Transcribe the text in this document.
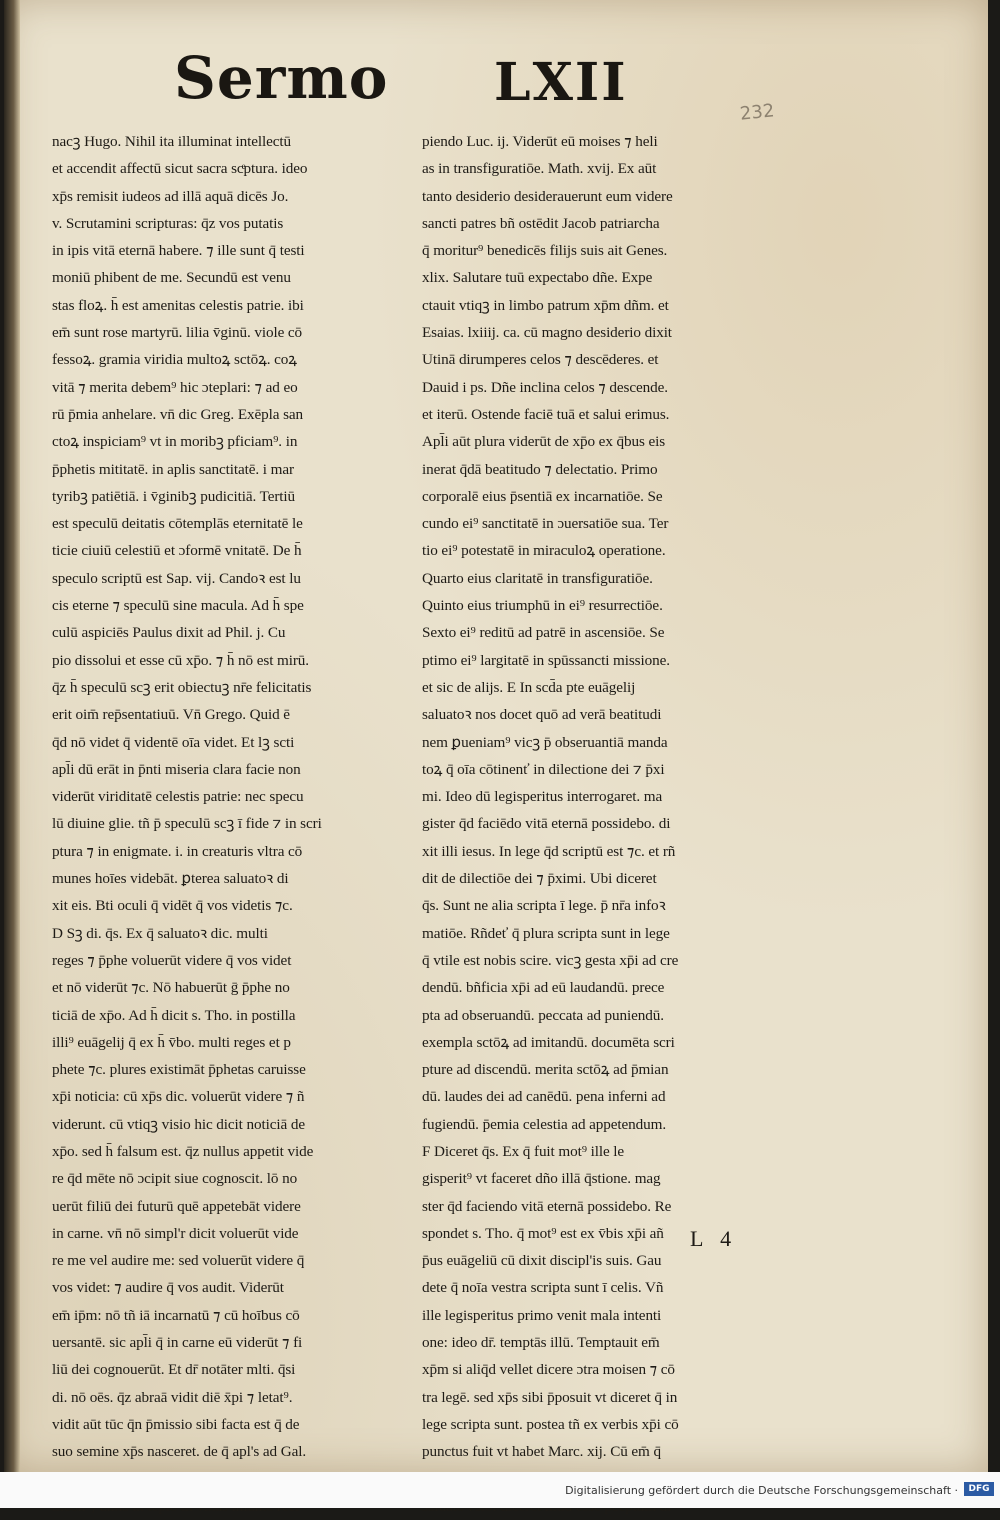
Sermo LXII	232
nacꝫ Hugo. Nihil ita illuminat intellectū
et accendit affectū sicut sacra scͤptura. ideo
xp̄s remisit iudeos ad illā aquā dicēs Jo.
v. Scrutamini scripturas: q̄z vos putatis
in ipis vitā eternā habere. ⁊ ille sunt q̄ testi
moniū phibent de me. Secundū est venu
stas floꝝ. h̄ est amenitas celestis patrie. ibi
em̄ sunt rose martyrū. lilia v̄ginū. viole cō
fessoꝝ. gramia viridia multoꝝ sctōꝝ. coꝝ
vitā ⁊ merita debem⁹ hic ɔteplari: ⁊ ad eo
rū p̄mia anhelare. vn̄ dic Greg. Exēpla san
ctoꝝ inspiciam⁹ vt in moribꝫ pficiam⁹. in
p̄phetis mititatē. in aplis sanctitatē. i mar
tyribꝫ patiētiā. i v̄ginibꝫ pudicitiā. Tertiū
est speculū deitatis cōtemplās eternitatē le
ticie ciuiū celestiū et ɔformē vnitatē. De h̄
speculo scriptū est Sap. vij. Candoꝛ est lu
cis eterne ⁊ speculū sine macula. Ad h̄ spe
culū aspiciēs Paulus dixit ad Phil. j. Cu
pio dissolui et esse cū xp̄o. ⁊ h̄ nō est mirū.
q̄z h̄ speculū scꝫ erit obiectuꝫ nr̄e felicitatis
erit oim̄ rep̄sentatiuū. Vn̄ Grego. Quid ē
q̄d nō videt q̄ videntē oīa videt. Et lꝫ scti
apl̄i dū erāt in p̄nti miseria clara facie non
viderūt viriditatē celestis patrie: nec specu
lū diuine glie. tñ p̄ speculū scꝫ ī fide ⁊ in scri
ptura ⁊ in enigmate. i. in creaturis vltra cō
munes hoīes videbāt. ꝑterea saluatoꝛ di
xit eis. Bti oculi q̄ vidēt q̄ vos videtis ⁊c.
D Sꝫ di. q̄s. Ex q̄ saluatoꝛ dic. multi
reges ⁊ p̄phe voluerūt videre q̄ vos videt
et nō viderūt ⁊c. Nō habuerūt ḡ p̄phe no
ticiā de xp̄o. Ad h̄ dicit s. Tho. in postilla
illi⁹ euāgelij q̄ ex h̄ v̄bo. multi reges et p
phete ⁊c. plures existimāt p̄phetas caruisse
xp̄i noticia: cū xp̄s dic. voluerūt videre ⁊ ñ
viderunt. cū vtiqꝫ visio hic dicit noticiā de
xp̄o. sed h̄ falsum est. q̄z nullus appetit vide
re q̄d mēte nō ɔcipit siue cognoscit. lō no
uerūt filiū dei futurū quē appetebāt videre
in carne. vn̄ nō simpl'r dicit voluerūt vide
re me vel audire me: sed voluerūt videre q̄
vos videt: ⁊ audire q̄ vos audit. Viderūt
em̄ ip̄m: nō tñ iā incarnatū ⁊ cū hoībus cō
uersantē. sic apl̄i q̄ in carne eū viderūt ⁊ fi
liū dei cognouerūt. Et dr̄ notāter mlti. q̄si
di. nō oēs. q̄z abraā vidit diē x̄pi ⁊ letat⁹.
vidit aūt tūc q̄n p̄missio sibi facta est q̄ de
suo semine xp̄s nasceret. de q̄ apl's ad Gal.
piendo Luc. ij. Viderūt eū moises ⁊ heli
as in transfiguratiōe. Math. xvij. Ex aūt
tanto desiderio desiderauerunt eum videre
sancti patres bñ ostēdit Jacob patriarcha
q̄ moritur⁹ benedicēs filijs suis ait Genes.
xlix. Salutare tuū expectabo dñe. Expe
ctauit vtiqꝫ in limbo patrum xp̄m dñm. et
Esaias. lxiiij. ca. cū magno desiderio dixit
Utinā dirumperes celos ⁊ descēderes. et
Dauid i ps. Dñe inclina celos ⁊ descende.
et iterū. Ostende faciē tuā et salui erimus.
Apl̄i aūt plura viderūt de xp̄o ex q̄bus eis
inerat q̄dā beatitudo ⁊ delectatio. Primo
corporalē eius p̄sentiā ex incarnatiōe. Se
cundo ei⁹ sanctitatē in ɔuersatiōe sua. Ter
tio ei⁹ potestatē in miraculoꝝ operatione.
Quarto eius claritatē in transfiguratiōe.
Quinto eius triumphū in ei⁹ resurrectiōe.
Sexto ei⁹ reditū ad patrē in ascensiōe. Se
ptimo ei⁹ largitatē in spūssancti missione.
et sic de alijs. E In scd̄a pte euāgelij
saluatoꝛ nos docet quō ad verā beatitudi
nem ꝑueniam⁹ vicꝫ p̄ obseruantiā manda
toꝝ q̄ oīa cōtinenť in dilectione dei ⁊ p̄xi
mi. Ideo dū legisperitus interrogaret. ma
gister q̄d faciēdo vitā eternā possidebo. di
xit illi iesus. In lege q̄d scriptū est ⁊c. et rñ
dit de dilectiōe dei ⁊ p̄ximi. Ubi diceret
q̄s. Sunt ne alia scripta ī lege. p̄ nr̄a infoꝛ
matiōe. Rñdeť q̄ plura scripta sunt in lege
q̄ vtile est nobis scire. vicꝫ gesta xp̄i ad cre
dendū. bñficia xp̄i ad eū laudandū. prece
pta ad obseruandū. peccata ad puniendū.
exempla sctōꝝ ad imitandū. documēta scri
pture ad discendū. merita sctōꝝ ad p̄mian
dū. laudes dei ad canēdū. pena inferni ad
fugiendū. p̄emia celestia ad appetendum.
F Diceret q̄s. Ex q̄ fuit mot⁹ ille le
gisperit⁹ vt faceret dño illā q̄stione. mag
ster q̄d faciendo vitā eternā possidebo. Re
spondet s. Tho. q̄ mot⁹ est ex v̄bis xp̄i añ
p̄us euāgeliū cū dixit discipl'is suis. Gau
dete q̄ noīa vestra scripta sunt ī celis. Vñ
ille legisperitus primo venit mala intenti
one: ideo dr̄. temptās illū. Temptauit em̄
xp̄m si aliq̄d vellet dicere ɔtra moisen ⁊ cō
tra legē. sed xp̄s sibi p̄posuit vt diceret q̄ in
lege scripta sunt. postea tñ ex verbis xp̄i cō
punctus fuit vt habet Marc. xij. Cū em̄ q̄
L 4
Digitalisierung gefördert durch die Deutsche Forschungsgemeinschaft ·	DFG
